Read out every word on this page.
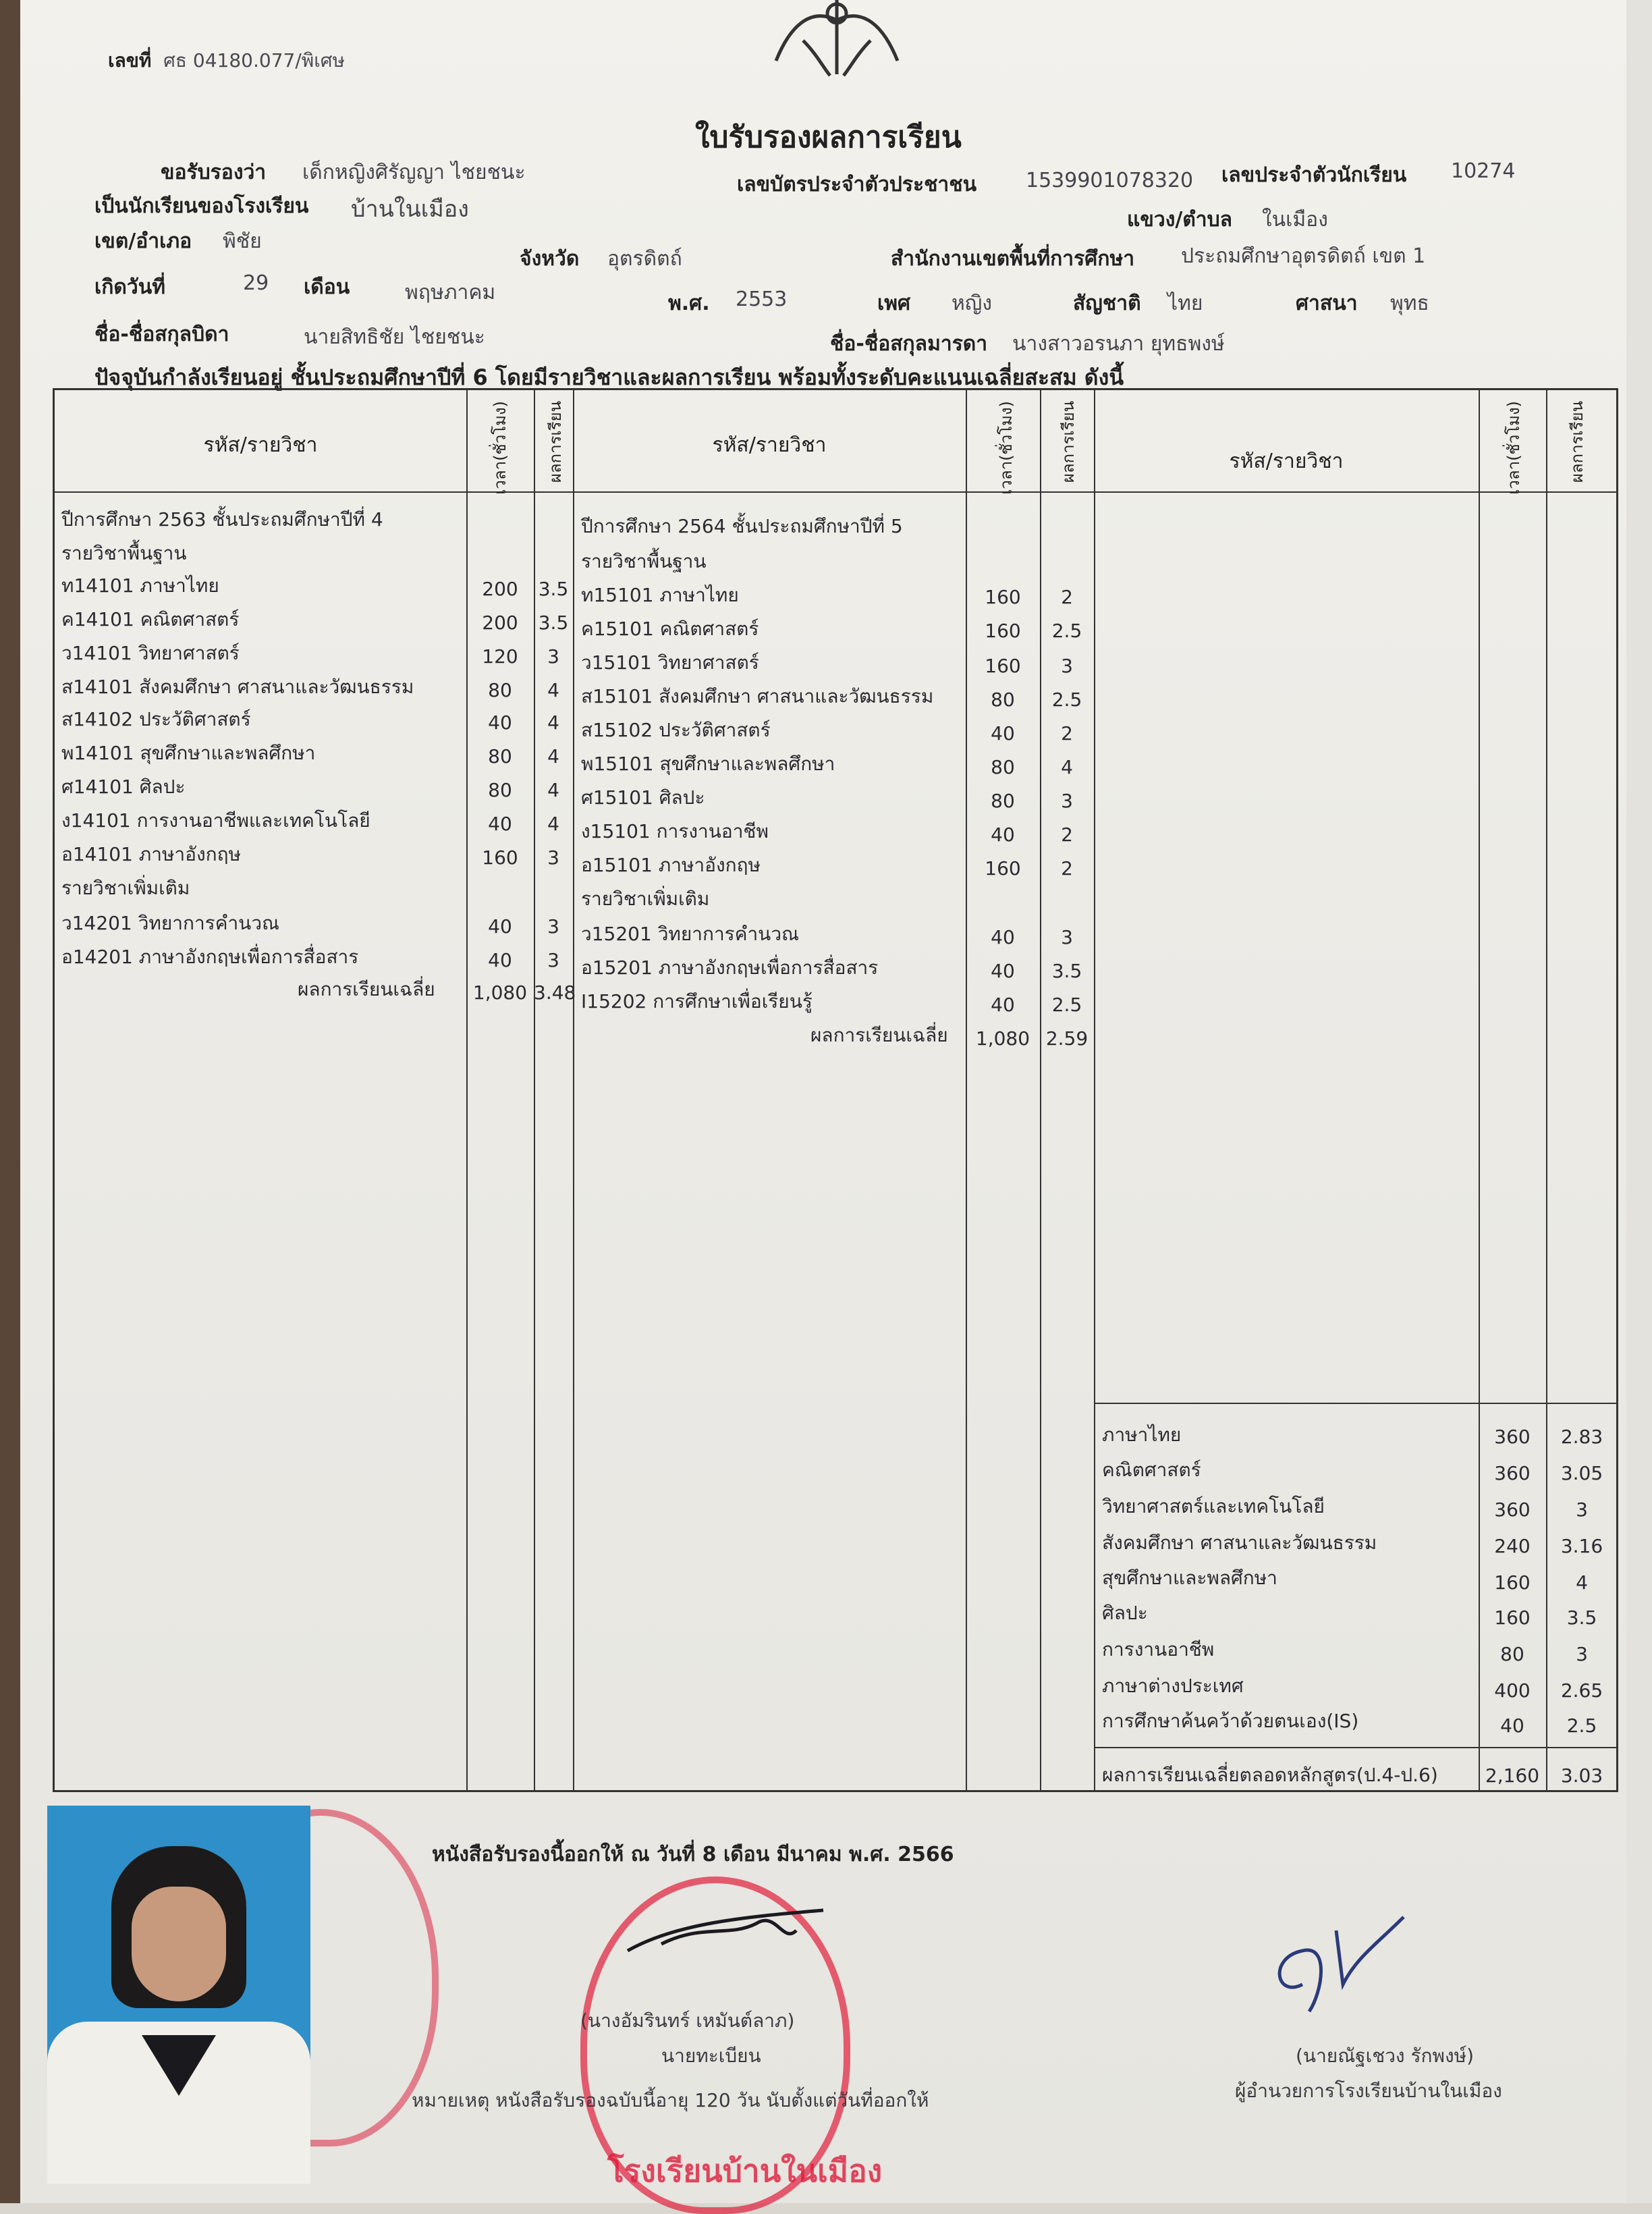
เลขที่ ศธ 04180.077/พิเศษ
ใบรับรองผลการเรียน
ขอรับรองว่า เด็กหญิงศิรัญญา ไชยชนะ
เลขบัตรประจำตัวประชาชน 1539901078320 เลขประจำตัวนักเรียน 10274
เป็นนักเรียนของโรงเรียน บ้านในเมือง	แขวง/ตำบล ในเมือง
เขต/อำเภอ พิชัย
จังหวัด อุตรดิตถ์	สำนักงานเขตพื้นที่การศึกษา ประถมศึกษาอุตรดิตถ์ เขต 1
เกิดวันที่	29 เดือน	พฤษภาคม	พ.ศ. 2553	เพศ หญิง	สัญชาติ ไทย	ศาสนา พุทธ
ชื่อ-ชื่อสกุลบิดา	นายสิทธิชัย ไชยชนะ	ชื่อ-ชื่อสกุลมารดา นางสาวอรนภา ยุทธพงษ์
ปัจจุบันกำลังเรียนอยู่ ชั้นประถมศึกษาปีที่ 6 โดยมีรายวิชาและผลการเรียน พร้อมทั้งระดับคะแนนเฉลี่ยสะสม ดังนี้
รหัส/รายวิชา	เวลา(ชั่วโมง) ผลการเรียน	รหัส/รายวิชา	เวลา(ชั่วโมง)	ผลการเรียน	รหัส/รายวิชา	เวลา(ชั่วโมง)	ผลการเรียน
ปีการศึกษา 2563 ชั้นประถมศึกษาปีที่ 4
รายวิชาพื้นฐาน
ท14101 ภาษาไทย	200	3.5
ค14101 คณิตศาสตร์	200	3.5
ว14101 วิทยาศาสตร์	120	3
ส14101 สังคมศึกษา ศาสนาและวัฒนธรรม	80	4
ส14102 ประวัติศาสตร์	40	4
พ14101 สุขศึกษาและพลศึกษา	80	4
ศ14101 ศิลปะ	80	4
ง14101 การงานอาชีพและเทคโนโลยี	40	4
อ14101 ภาษาอังกฤษ	160	3
รายวิชาเพิ่มเติม
ว14201 วิทยาการคำนวณ	40	3
อ14201 ภาษาอังกฤษเพื่อการสื่อสาร	40	3
ผลการเรียนเฉลี่ย	1,080 3.48
ปีการศึกษา 2564 ชั้นประถมศึกษาปีที่ 5
รายวิชาพื้นฐาน
ท15101 ภาษาไทย	160	2
ค15101 คณิตศาสตร์	160	2.5
ว15101 วิทยาศาสตร์	160	3
ส15101 สังคมศึกษา ศาสนาและวัฒนธรรม	80	2.5
ส15102 ประวัติศาสตร์	40	2
พ15101 สุขศึกษาและพลศึกษา	80	4
ศ15101 ศิลปะ	80	3
ง15101 การงานอาชีพ	40	2
อ15101 ภาษาอังกฤษ	160	2
รายวิชาเพิ่มเติม
ว15201 วิทยาการคำนวณ	40	3
อ15201 ภาษาอังกฤษเพื่อการสื่อสาร	40	3.5
I15202 การศึกษาเพื่อเรียนรู้	40	2.5
ผลการเรียนเฉลี่ย	1,080 2.59
ภาษาไทย	360	2.83
คณิตศาสตร์	360	3.05
วิทยาศาสตร์และเทคโนโลยี	360	3
สังคมศึกษา ศาสนาและวัฒนธรรม	240	3.16
สุขศึกษาและพลศึกษา	160	4
ศิลปะ	160	3.5
การงานอาชีพ	80	3
ภาษาต่างประเทศ	400	2.65
การศึกษาค้นคว้าด้วยตนเอง(IS)	40	2.5
ผลการเรียนเฉลี่ยตลอดหลักสูตร(ป.4-ป.6)	2,160	3.03
หนังสือรับรองนี้ออกให้ ณ วันที่ 8 เดือน มีนาคม พ.ศ. 2566
(นางอัมรินทร์ เหมันต์ลาภ)
นายทะเบียน
หมายเหตุ หนังสือรับรองฉบับนี้อายุ 120 วัน นับตั้งแต่วันที่ออกให้
โรงเรียนบ้านในเมือง
(นายณัฐเชวง รักพงษ์)
ผู้อำนวยการโรงเรียนบ้านในเมือง
